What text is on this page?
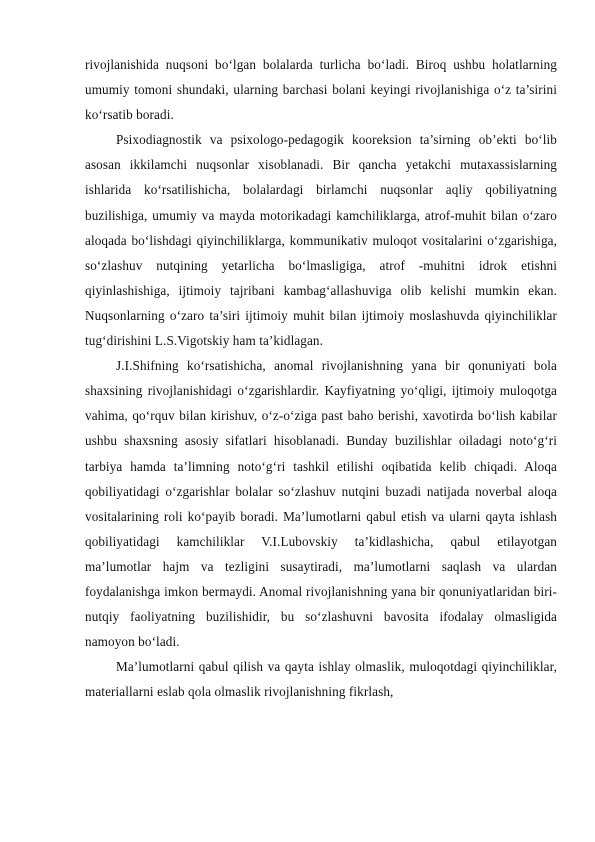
rivojlanishida nuqsoni bo‘lgan bolalarda turlicha bo‘ladi. Biroq ushbu holatlarning umumiy tomoni shundaki, ularning barchasi bolani keyingi rivojlanishiga o‘z ta’sirini ko‘rsatib boradi.

Psixodiagnostik va psixologo-pedagogik kooreksion ta’sirning ob’ekti bo‘lib asosan ikkilamchi nuqsonlar xisoblanadi. Bir qancha yetakchi mutaxassislarning ishlarida ko‘rsatilishicha, bolalardagi birlamchi nuqsonlar aqliy qobiliyatning buzilishiga, umumiy va mayda motorikadagi kamchiliklarga, atrof-muhit bilan o‘zaro aloqada bo‘lishdagi qiyinchiliklarga, kommunikativ muloqot vositalarini o‘zgarishiga, so‘zlashuv nutqining yetarlicha bo‘lmasligiga, atrof -muhitni idrok etishni qiyinlashishiga, ijtimoiy tajribani kambag‘allashuviga olib kelishi mumkin ekan. Nuqsonlarning o‘zaro ta’siri ijtimoiy muhit bilan ijtimoiy moslashuvda qiyinchiliklar tug‘dirishini L.S.Vigotskiy ham ta’kidlagan.

J.I.Shifning ko‘rsatishicha, anomal rivojlanishning yana bir qonuniyati bola shaxsining rivojlanishidagi o‘zgarishlardir. Kayfiyatning yo‘qligi, ijtimoiy muloqotga vahima, qo‘rquv bilan kirishuv, o‘z-o‘ziga past baho berishi, xavotirda bo‘lish kabilar ushbu shaxsning asosiy sifatlari hisoblanadi. Bunday buzilishlar oiladagi noto‘g‘ri tarbiya hamda ta’limning noto‘g‘ri tashkil etilishi oqibatida kelib chiqadi. Aloqa qobiliyatidagi o‘zgarishlar bolalar so‘zlashuv nutqini buzadi natijada noverbal aloqa vositalarining roli ko‘payib boradi. Ma’lumotlarni qabul etish va ularni qayta ishlash qobiliyatidagi kamchiliklar V.I.Lubovskiy ta’kidlashicha, qabul etilayotgan ma’lumotlar hajm va tezligini susaytiradi, ma’lumotlarni saqlash va ulardan foydalanishga imkon bermaydi. Anomal rivojlanishning yana bir qonuniyatlaridan biri-nutqiy faoliyatning buzilishidir, bu so‘zlashuvni bavosita ifodalay olmasligida namoyon bo‘ladi.

Ma’lumotlarni qabul qilish va qayta ishlay olmaslik, muloqotdagi qiyinchiliklar, materiallarni eslab qola olmaslik rivojlanishning fikrlash,
